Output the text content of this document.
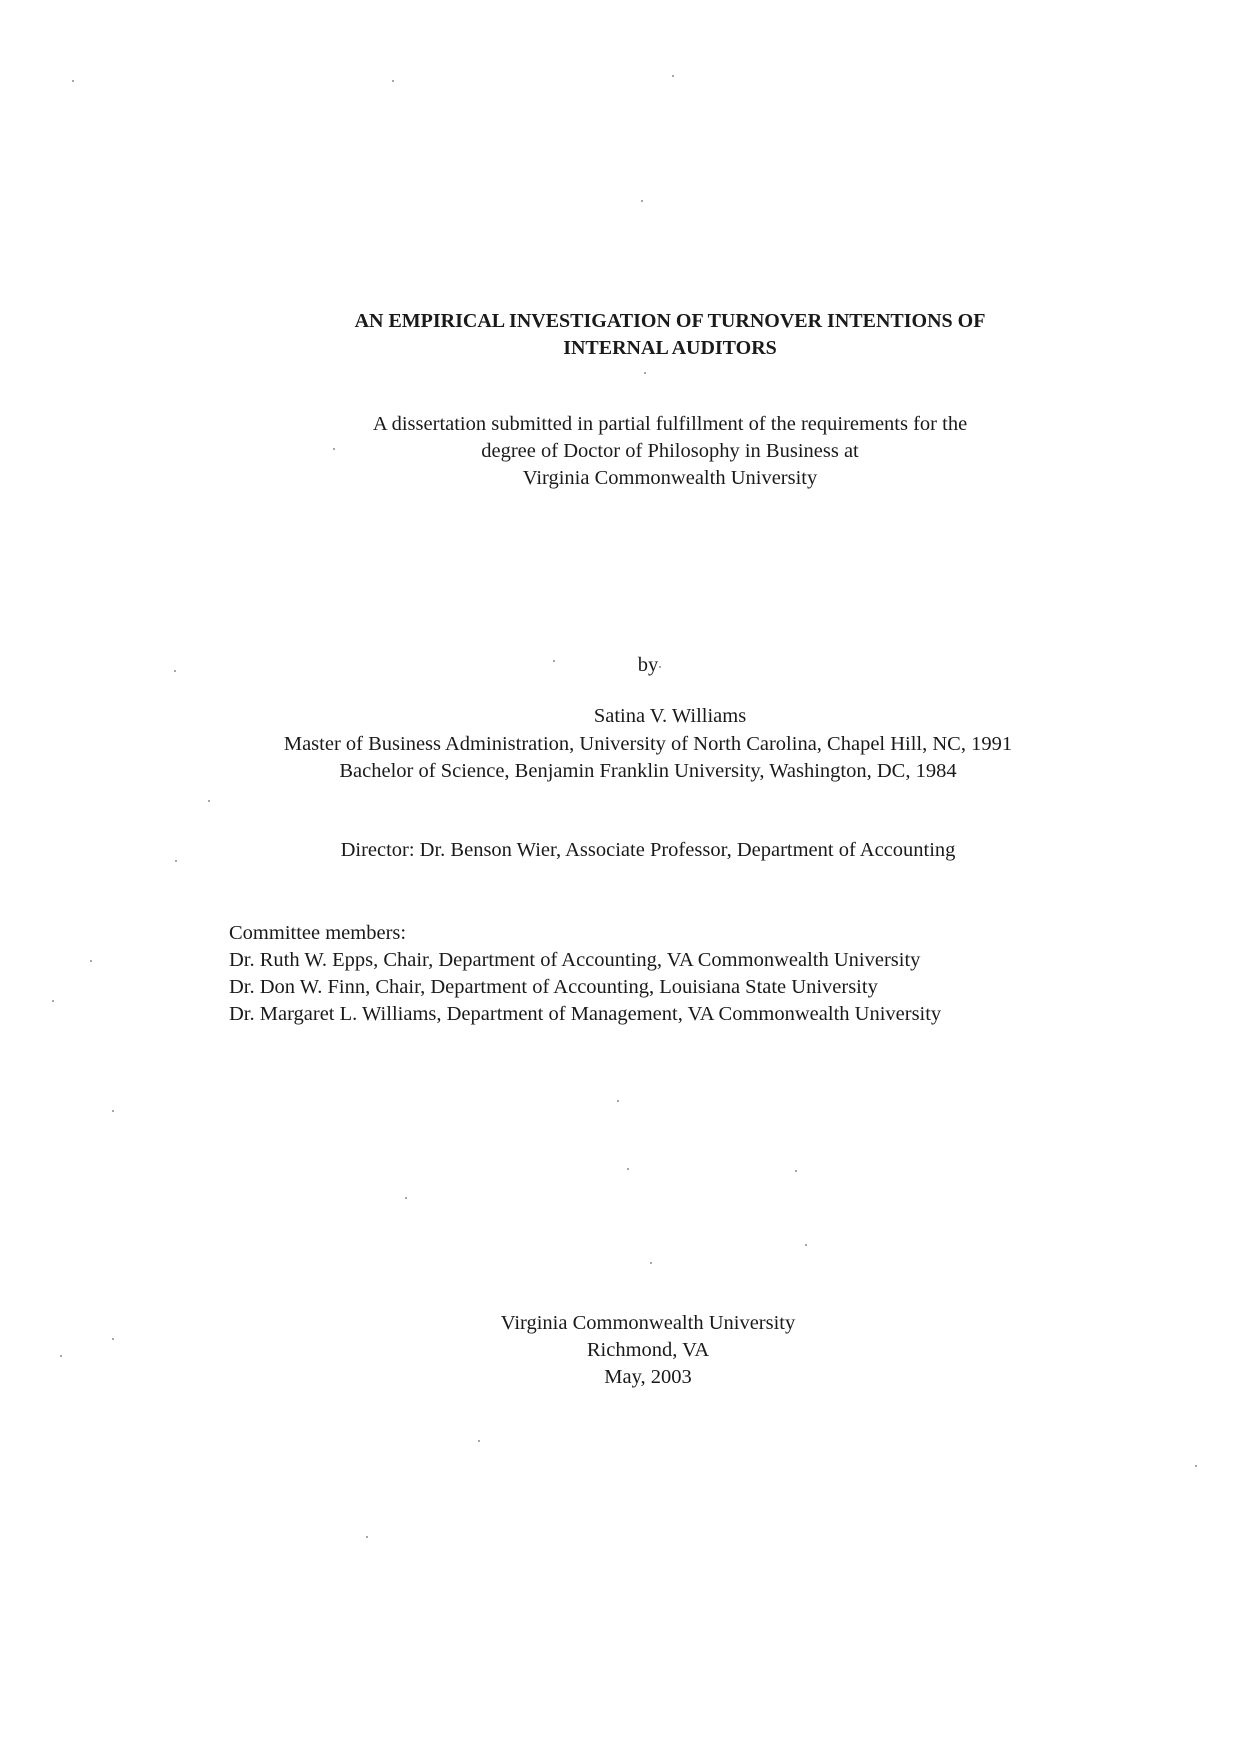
AN EMPIRICAL INVESTIGATION OF TURNOVER INTENTIONS OF
INTERNAL AUDITORS
A dissertation submitted in partial fulfillment of the requirements for the
degree of Doctor of Philosophy in Business at
Virginia Commonwealth University
by
Satina V. Williams
Master of Business Administration, University of North Carolina, Chapel Hill, NC, 1991
Bachelor of Science, Benjamin Franklin University, Washington, DC, 1984
Director: Dr. Benson Wier, Associate Professor, Department of Accounting
Committee members:
Dr. Ruth W. Epps, Chair, Department of Accounting, VA Commonwealth University
Dr. Don W. Finn, Chair, Department of Accounting, Louisiana State University
Dr. Margaret L. Williams, Department of Management, VA Commonwealth University
Virginia Commonwealth University
Richmond, VA
May, 2003
